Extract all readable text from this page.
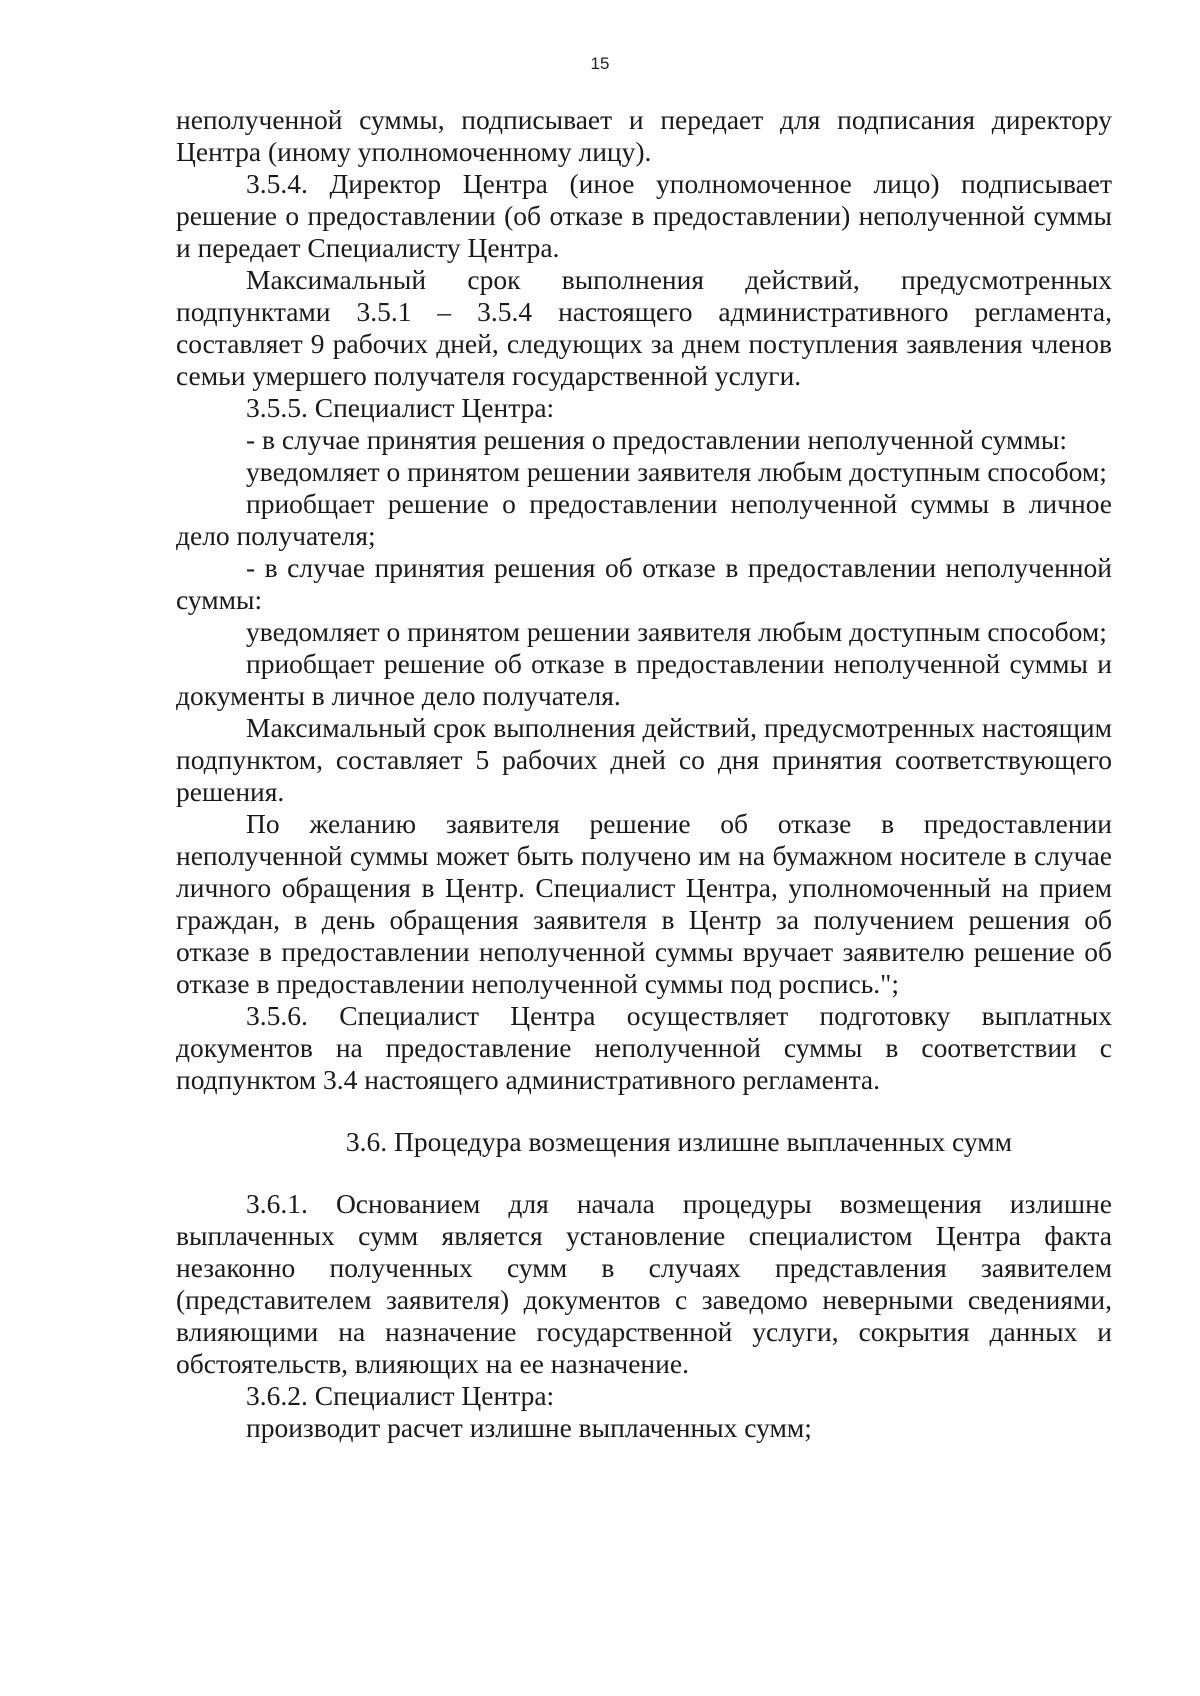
15

неполученной суммы, подписывает и передает для подписания директору Центра (иному уполномоченному лицу).

3.5.4. Директор Центра (иное уполномоченное лицо) подписывает решение о предоставлении (об отказе в предоставлении) неполученной суммы и передает Специалисту Центра.

Максимальный срок выполнения действий, предусмотренных подпунктами 3.5.1 – 3.5.4 настоящего административного регламента, составляет 9 рабочих дней, следующих за днем поступления заявления членов семьи умершего получателя государственной услуги.

3.5.5. Специалист Центра:

- в случае принятия решения о предоставлении неполученной суммы:

уведомляет о принятом решении заявителя любым доступным способом;

приобщает решение о предоставлении неполученной суммы в личное дело получателя;

- в случае принятия решения об отказе в предоставлении неполученной суммы:

уведомляет о принятом решении заявителя любым доступным способом;

приобщает решение об отказе в предоставлении неполученной суммы и документы в личное дело получателя.

Максимальный срок выполнения действий, предусмотренных настоящим подпунктом, составляет 5 рабочих дней со дня принятия соответствующего решения.

По желанию заявителя решение об отказе в предоставлении неполученной суммы может быть получено им на бумажном носителе в случае личного обращения в Центр. Специалист Центра, уполномоченный на прием граждан, в день обращения заявителя в Центр за получением решения об отказе в предоставлении неполученной суммы вручает заявителю решение об отказе в предоставлении неполученной суммы под роспись.";

3.5.6. Специалист Центра осуществляет подготовку выплатных документов на предоставление неполученной суммы в соответствии с подпунктом 3.4 настоящего административного регламента.

3.6. Процедура возмещения излишне выплаченных сумм

3.6.1. Основанием для начала процедуры возмещения излишне выплаченных сумм является установление специалистом Центра факта незаконно полученных сумм в случаях представления заявителем (представителем заявителя) документов с заведомо неверными сведениями, влияющими на назначение государственной услуги, сокрытия данных и обстоятельств, влияющих на ее назначение.

3.6.2. Специалист Центра:

производит расчет излишне выплаченных сумм;
